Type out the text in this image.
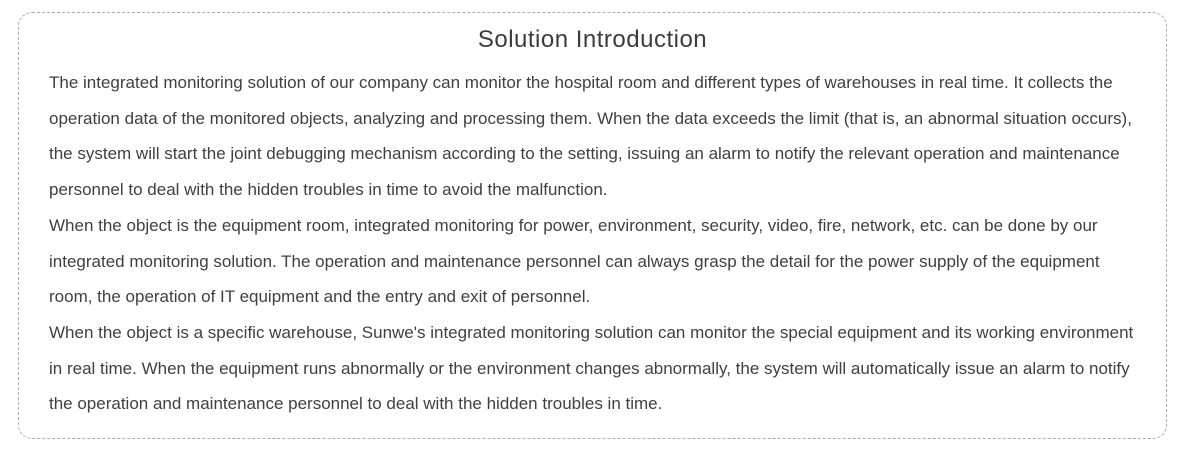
Solution Introduction

The integrated monitoring solution of our company can monitor the hospital room and different types of warehouses in real time. It collects the operation data of the monitored objects, analyzing and processing them. When the data exceeds the limit (that is, an abnormal situation occurs), the system will start the joint debugging mechanism according to the setting, issuing an alarm to notify the relevant operation and maintenance personnel to deal with the hidden troubles in time to avoid the malfunction.

When the object is the equipment room, integrated monitoring for power, environment, security, video, fire, network, etc. can be done by our integrated monitoring solution. The operation and maintenance personnel can always grasp the detail for the power supply of the equipment room, the operation of IT equipment and the entry and exit of personnel.

When the object is a specific warehouse, Sunwe's integrated monitoring solution can monitor the special equipment and its working environment in real time. When the equipment runs abnormally or the environment changes abnormally, the system will automatically issue an alarm to notify the operation and maintenance personnel to deal with the hidden troubles in time.
